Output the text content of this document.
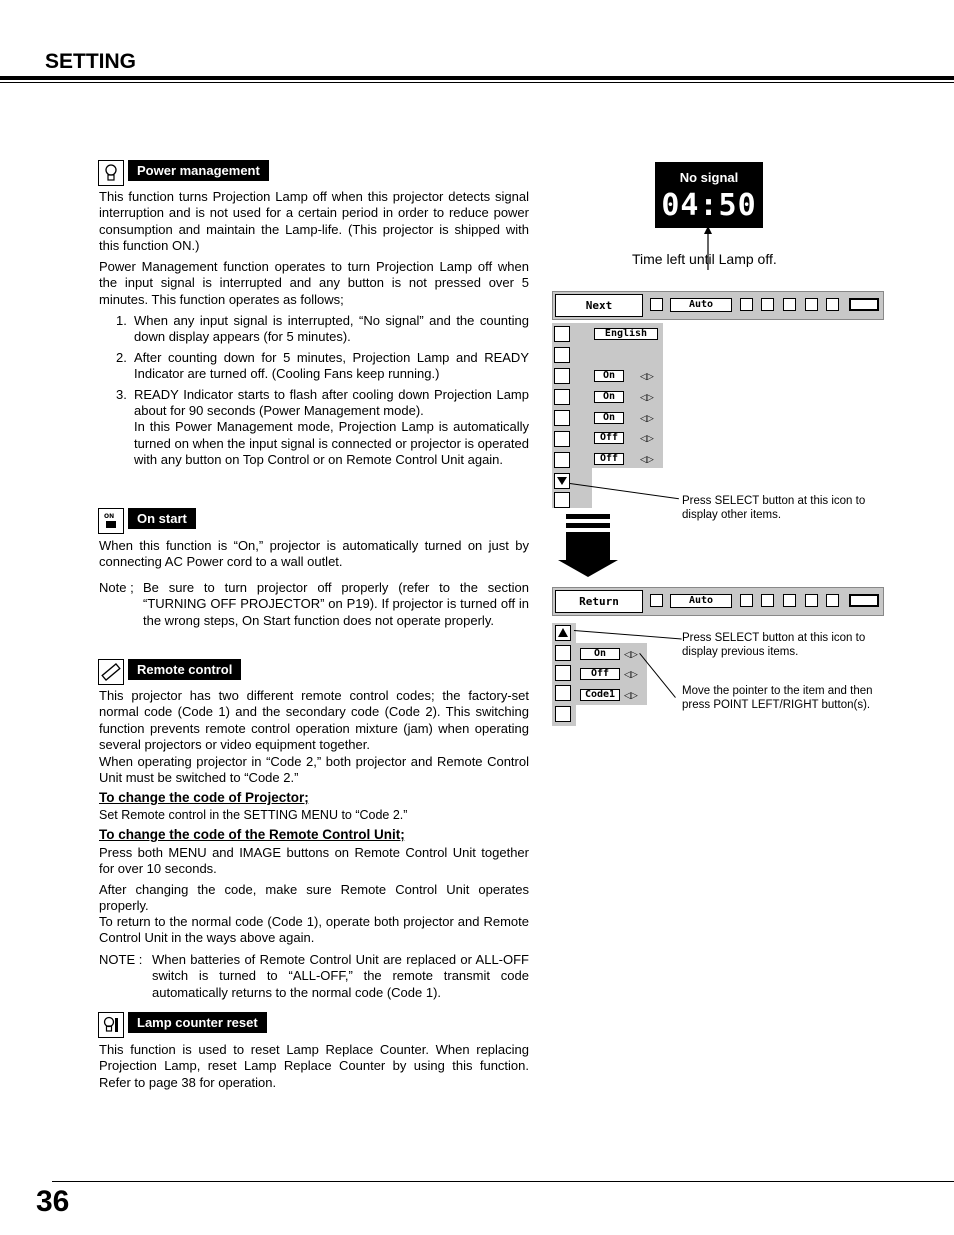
SETTING
Power management
This function turns Projection Lamp off when this projector detects signal interruption and is not used for a certain period in order to reduce power consumption and maintain the Lamp-life. (This projector is shipped with this function ON.)
Power Management function operates to turn Projection Lamp off when the input signal is interrupted and any button is not pressed over 5 minutes. This function operates as follows;
1. When any input signal is interrupted, “No signal” and the counting down display appears (for 5 minutes).
2. After counting down for 5 minutes, Projection Lamp and READY Indicator are turned off. (Cooling Fans keep running.)
3. READY Indicator starts to flash after cooling down Projection Lamp about for 90 seconds (Power Management mode).
In this Power Management mode, Projection Lamp is automatically turned on when the input signal is connected or projector is operated with any button on Top Control or on Remote Control Unit again.
ON	On start
When this function is “On,” projector is automatically turned on just by connecting AC Power cord to a wall outlet.
Note ; Be sure to turn projector off properly (refer to the section “TURNING OFF PROJECTOR” on P19). If projector is turned off in the wrong steps, On Start function does not operate properly.
Remote control
This projector has two different remote control codes; the factory-set normal code (Code 1) and the secondary code (Code 2). This switching function prevents remote control operation mixture (jam) when operating several projectors or video equipment together.
When operating projector in “Code 2,” both projector and Remote Control Unit must be switched to “Code 2.”
To change the code of Projector;
Set Remote control in the SETTING MENU to “Code 2.”
To change the code of the Remote Control Unit;
Press both MENU and IMAGE buttons on Remote Control Unit together for over 10 seconds.
After changing the code, make sure Remote Control Unit operates properly.
To return to the normal code (Code 1), operate both projector and Remote Control Unit in the ways above again.
NOTE : When batteries of Remote Control Unit are replaced or ALL-OFF switch is turned to “ALL-OFF,” the remote transmit code automatically returns to the normal code (Code 1).
Lamp counter reset
This function is used to reset Lamp Replace Counter. When replacing Projection Lamp, reset Lamp Replace Counter by using this function. Refer to page 38 for operation.
No signal
04:50
Time left until Lamp off.
Next	Auto
English
On	◁▷
On	◁▷
On	◁▷
Off	◁▷
Off	◁▷
Press SELECT button at this icon to display other items.
Return	Auto
On	◁▷
Off	◁▷
Code1 ◁▷
Press SELECT button at this icon to display previous items.
Move the pointer to the item and then press POINT LEFT/RIGHT button(s).
36
